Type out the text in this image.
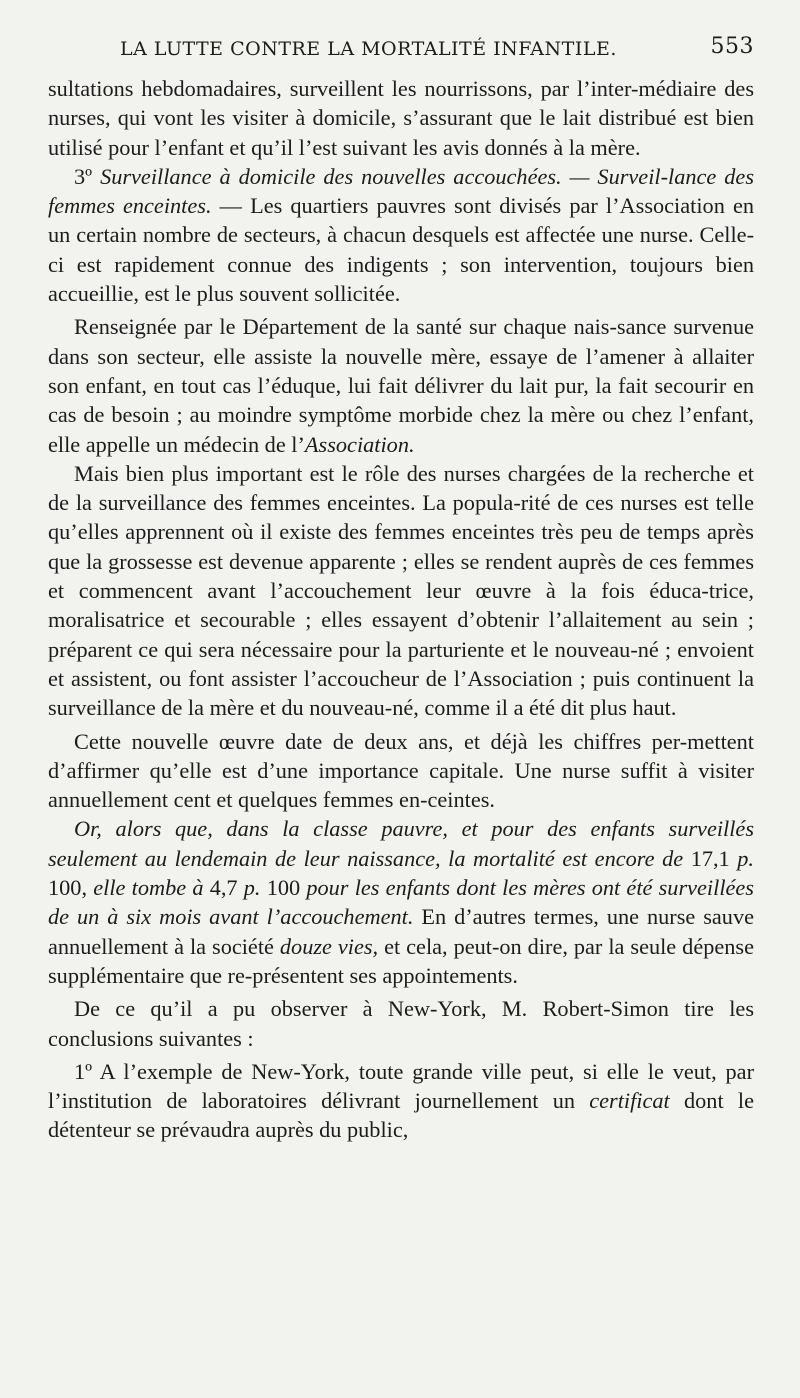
LA LUTTE CONTRE LA MORTALITÉ INFANTILE.	553

sultations hebdomadaires, surveillent les nourrissons, par l’inter-médiaire des nurses, qui vont les visiter à domicile, s’assurant que le lait distribué est bien utilisé pour l’enfant et qu’il l’est suivant les avis donnés à la mère.

3º Surveillance à domicile des nouvelles accouchées. — Surveil-lance des femmes enceintes. — Les quartiers pauvres sont divisés par l’Association en un certain nombre de secteurs, à chacun desquels est affectée une nurse. Celle-ci est rapidement connue des indigents ; son intervention, toujours bien accueillie, est le plus souvent sollicitée.

Renseignée par le Département de la santé sur chaque nais-sance survenue dans son secteur, elle assiste la nouvelle mère, essaye de l’amener à allaiter son enfant, en tout cas l’éduque, lui fait délivrer du lait pur, la fait secourir en cas de besoin ; au moindre symptôme morbide chez la mère ou chez l’enfant, elle appelle un médecin de l’Association.

Mais bien plus important est le rôle des nurses chargées de la recherche et de la surveillance des femmes enceintes. La popula-rité de ces nurses est telle qu’elles apprennent où il existe des femmes enceintes très peu de temps après que la grossesse est devenue apparente ; elles se rendent auprès de ces femmes et commencent avant l’accouchement leur œuvre à la fois éduca-trice, moralisatrice et secourable ; elles essayent d’obtenir l’allaitement au sein ; préparent ce qui sera nécessaire pour la parturiente et le nouveau-né ; envoient et assistent, ou font assister l’accoucheur de l’Association ; puis continuent la surveillance de la mère et du nouveau-né, comme il a été dit plus haut.

Cette nouvelle œuvre date de deux ans, et déjà les chiffres per-mettent d’affirmer qu’elle est d’une importance capitale. Une nurse suffit à visiter annuellement cent et quelques femmes en-ceintes.

Or, alors que, dans la classe pauvre, et pour des enfants surveillés seulement au lendemain de leur naissance, la mortalité est encore de 17,1 p. 100, elle tombe à 4,7 p. 100 pour les enfants dont les mères ont été surveillées de un à six mois avant l’accouchement. En d’autres termes, une nurse sauve annuellement à la société douze vies, et cela, peut-on dire, par la seule dépense supplémentaire que re-présentent ses appointements.

De ce qu’il a pu observer à New-York, M. Robert-Simon tire les conclusions suivantes :

1º A l’exemple de New-York, toute grande ville peut, si elle le veut, par l’institution de laboratoires délivrant journellement un certificat dont le détenteur se prévaudra auprès du public,
